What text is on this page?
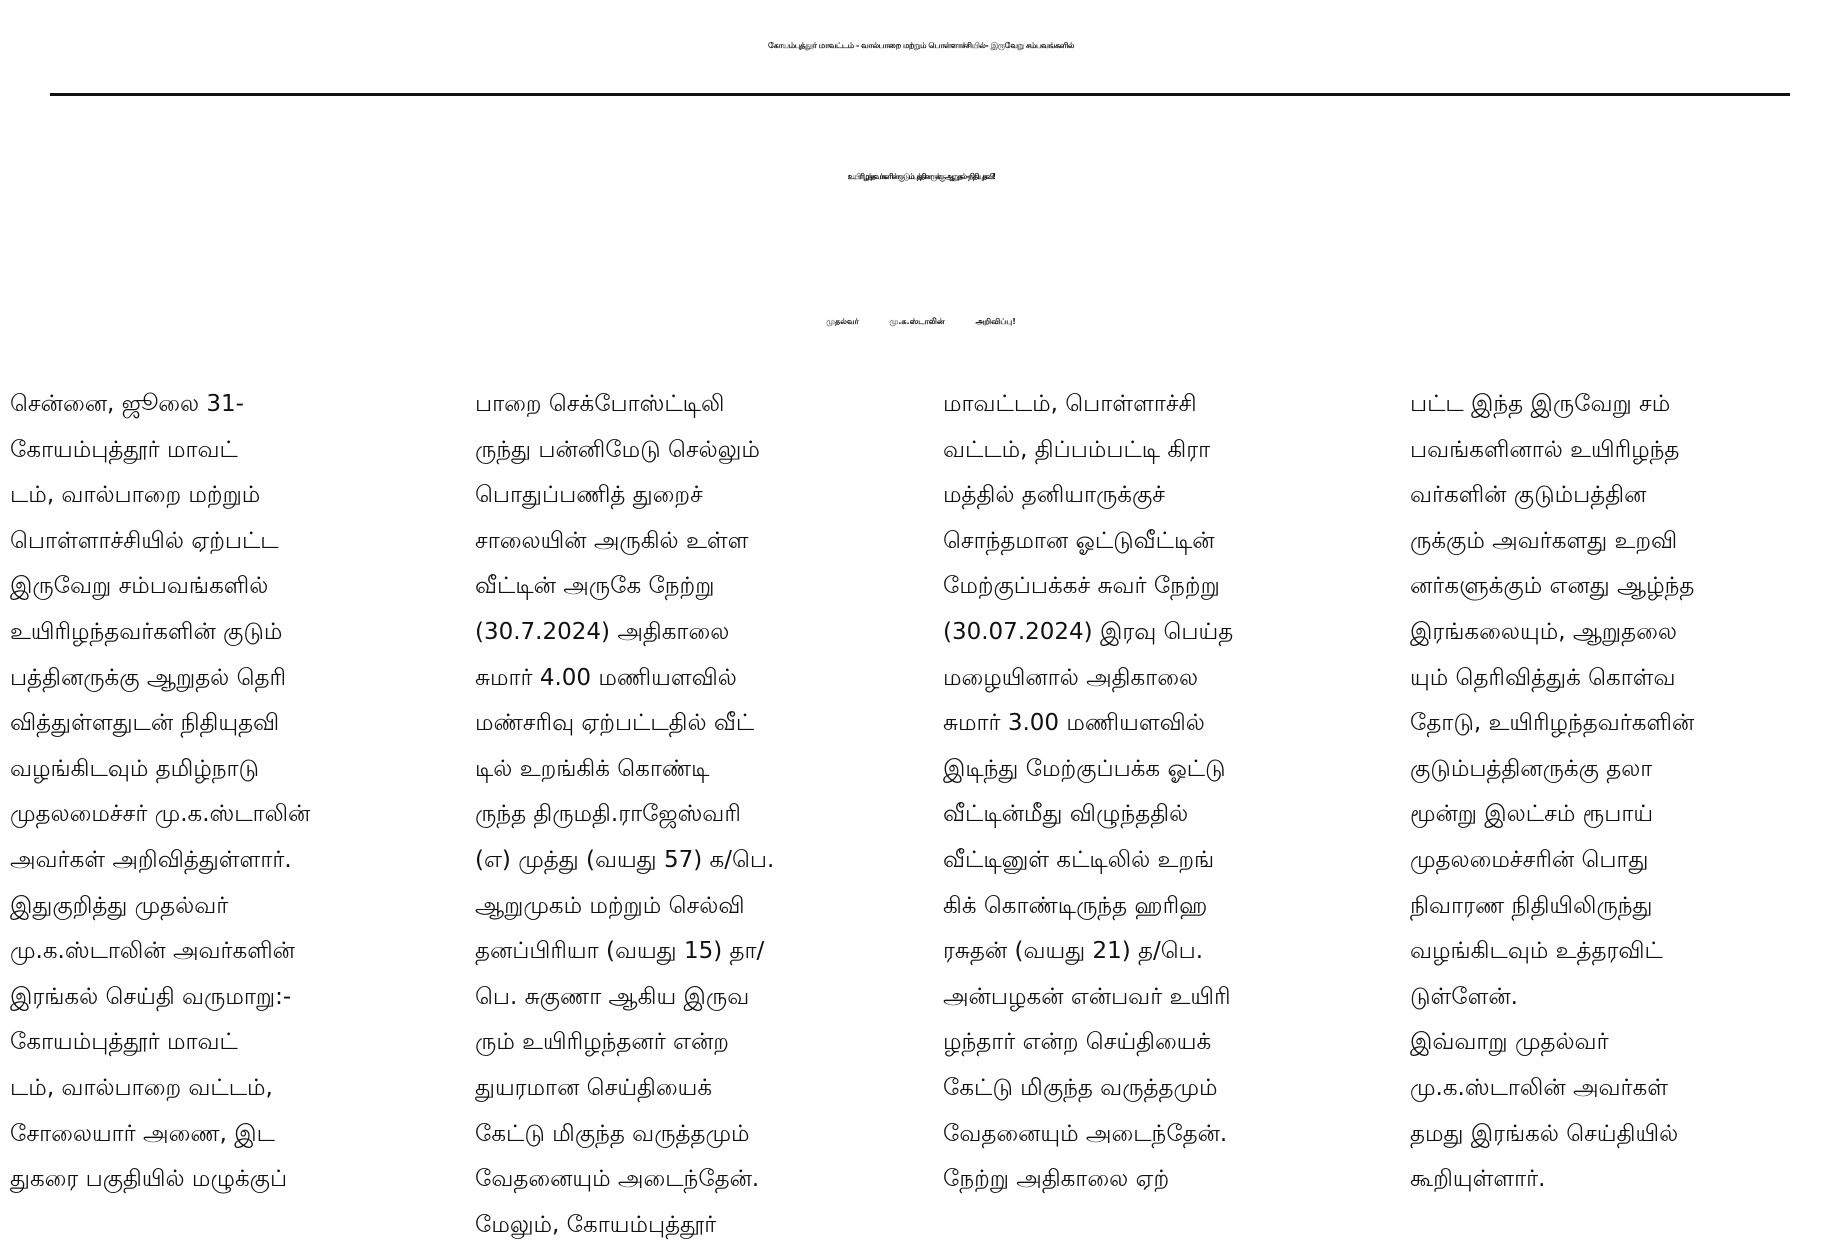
கோயம்புத்தூர் மாவட்டம் - வால்பாறை மற்றும் பொள்ளாச்சியில்- இருவேறு சம்பவங்களில்
உயிரிழந்தவர்களின் குடும்பத்தினருக்கு ஆறுதல் - நிதியுதவி!
முதல்வர் மு.க.ஸ்டாலின் அறிவிப்பு!

சென்னை, ஜூலை 31-

கோயம்புத்தூர் மாவட்

டம், வால்பாறை மற்றும்

பொள்ளாச்சியில் ஏற்பட்ட

இருவேறு சம்பவங்களில்

உயிரிழந்தவர்களின் குடும்

பத்தினருக்கு ஆறுதல் தெரி

வித்துள்ளதுடன் நிதியுதவி

வழங்கிடவும் தமிழ்நாடு

முதலமைச்சர் மு.க.ஸ்டாலின்

அவர்கள் அறிவித்துள்ளார்.

இதுகுறித்து முதல்வர்

மு.க.ஸ்டாலின் அவர்களின்

இரங்கல் செய்தி வருமாறு:-

கோயம்புத்தூர் மாவட்

டம், வால்பாறை வட்டம்,

சோலையார் அணை, இட

துகரை பகுதியில் மழுக்குப்

பாறை செக்போஸ்ட்டிலி

ருந்து பன்னிமேடு செல்லும்

பொதுப்பணித் துறைச்

சாலையின் அருகில் உள்ள

வீட்டின் அருகே நேற்று

(30.7.2024) அதிகாலை

சுமார் 4.00 மணியளவில்

மண்சரிவு ஏற்பட்டதில் வீட்

டில் உறங்கிக் கொண்டி

ருந்த திருமதி.ராஜேஸ்வரி

(எ) முத்து (வயது 57) க/பெ.

ஆறுமுகம் மற்றும் செல்வி

தனப்பிரியா (வயது 15) தா/

பெ. சுகுணா ஆகிய இருவ

ரும் உயிரிழந்தனர் என்ற

துயரமான செய்தியைக்

கேட்டு மிகுந்த வருத்தமும்

வேதனையும் அடைந்தேன்.

மேலும், கோயம்புத்தூர்

மாவட்டம், பொள்ளாச்சி

வட்டம், திப்பம்பட்டி கிரா

மத்தில் தனியாருக்குச்

சொந்தமான ஓட்டுவீட்டின்

மேற்குப்பக்கச் சுவர் நேற்று

(30.07.2024) இரவு பெய்த

மழையினால் அதிகாலை

சுமார் 3.00 மணியளவில்

இடிந்து மேற்குப்பக்க ஓட்டு

வீட்டின்மீது விழுந்ததில்

வீட்டினுள் கட்டிலில் உறங்

கிக் கொண்டிருந்த ஹரிஹ

ரசுதன் (வயது 21) த/பெ.

அன்பழகன் என்பவர் உயிரி

ழந்தார் என்ற செய்தியைக்

கேட்டு மிகுந்த வருத்தமும்

வேதனையும் அடைந்தேன்.

நேற்று அதிகாலை ஏற்

பட்ட இந்த இருவேறு சம்

பவங்களினால் உயிரிழந்த

வர்களின் குடும்பத்தின

ருக்கும் அவர்களது உறவி

னர்களுக்கும் எனது ஆழ்ந்த

இரங்கலையும், ஆறுதலை

யும் தெரிவித்துக் கொள்வ

தோடு, உயிரிழந்தவர்களின்

குடும்பத்தினருக்கு தலா

மூன்று இலட்சம் ரூபாய்

முதலமைச்சரின் பொது

நிவாரண நிதியிலிருந்து

வழங்கிடவும் உத்தரவிட்

டுள்ளேன்.

இவ்வாறு முதல்வர்

மு.க.ஸ்டாலின் அவர்கள்

தமது இரங்கல் செய்தியில்

கூறியுள்ளார்.
